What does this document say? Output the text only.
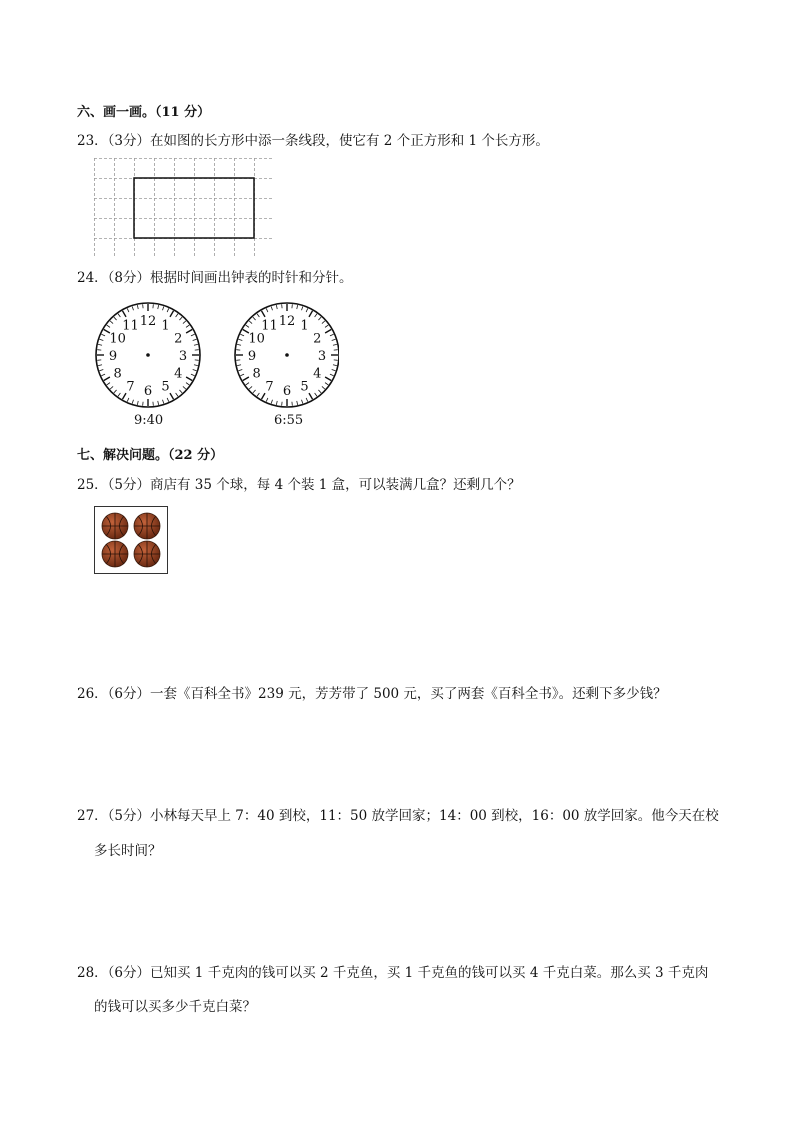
六、画一画。（11 分）
23．（3分）在如图的长方形中添一条线段，使它有 2 个正方形和 1 个长方形。
24．（8分）根据时间画出钟表的时针和分针。
12 1
2
3
4
5
6
7
8
9
10
11	12 1
2
3
4
5
6
7
8
9
10
11
9:40	6:55
七、解决问题。（22 分）
25．（5分）商店有 35 个球，每 4 个装 1 盒，可以装满几盒？还剩几个？
26．（6分）一套《百科全书》239 元，芳芳带了 500 元，买了两套《百科全书》。还剩下多少钱？
27．（5分）小林每天早上 7：40 到校，11：50 放学回家；14：00 到校，16：00 放学回家。他今天在校
多长时间？
28．（6分）已知买 1 千克肉的钱可以买 2 千克鱼，买 1 千克鱼的钱可以买 4 千克白菜。那么买 3 千克肉
的钱可以买多少千克白菜？
